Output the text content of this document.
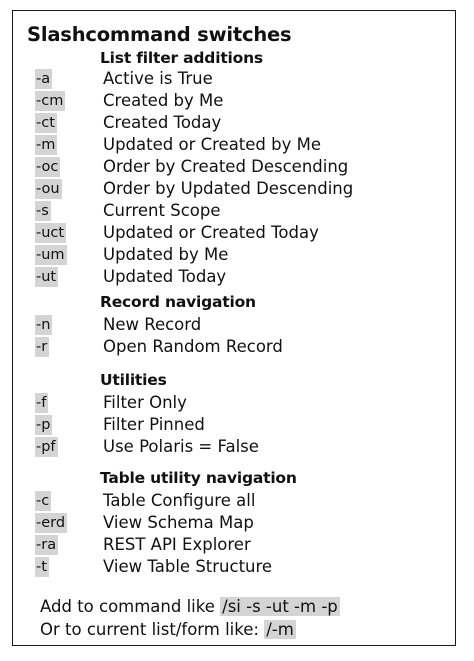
Slashcommand switches
List filter additions
-a	Active is True
-cm Created by Me
-ct	Created Today
-m	Updated or Created by Me
-oc	Order by Created Descending
-ou	Order by Updated Descending
-s	Current Scope
-uct Updated or Created Today
-um Updated by Me
-ut	Updated Today
Record navigation
-n	New Record
-r	Open Random Record
Utilities
-f	Filter Only
-p	Filter Pinned
-pf	Use Polaris = False
Table utility navigation
-c	Table Configure all
-erd View Schema Map
-ra	REST API Explorer
-t	View Table Structure
Add to command like /si -s -ut -m -p
Or to current list/form like: /-m
